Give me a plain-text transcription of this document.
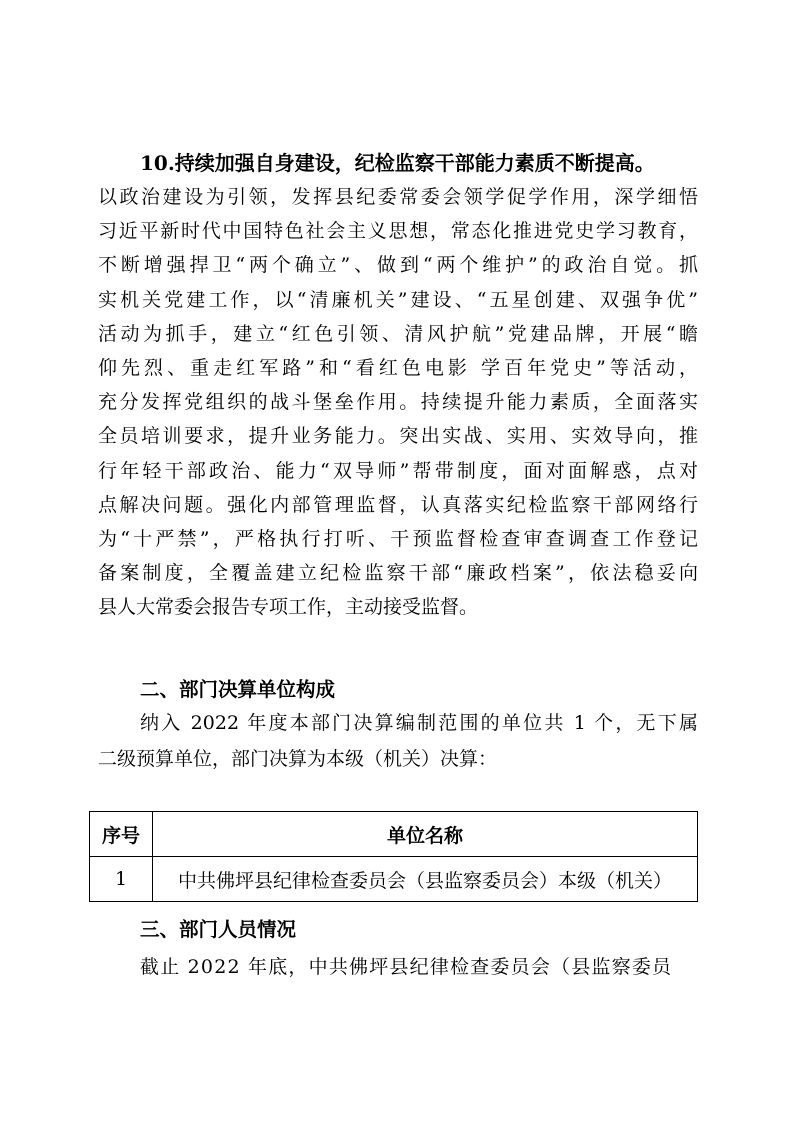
10.持续加强自身建设，纪检监察干部能力素质不断提高。
以政治建设为引领，发挥县纪委常委会领学促学作用，深学细悟
习近平新时代中国特色社会主义思想，常态化推进党史学习教育，
不断增强捍卫“两个确立”、做到“两个维护”的政治自觉。抓
实机关党建工作，以“清廉机关”建设、“五星创建、双强争优”
活动为抓手，建立“红色引领、清风护航”党建品牌，开展“瞻
仰先烈、重走红军路”和“看红色电影 学百年党史”等活动，
充分发挥党组织的战斗堡垒作用。持续提升能力素质，全面落实
全员培训要求，提升业务能力。突出实战、实用、实效导向，推
行年轻干部政治、能力“双导师”帮带制度，面对面解惑，点对
点解决问题。强化内部管理监督，认真落实纪检监察干部网络行
为“十严禁”，严格执行打听、干预监督检查审查调查工作登记
备案制度，全覆盖建立纪检监察干部“廉政档案”，依法稳妥向
县人大常委会报告专项工作，主动接受监督。
二、部门决算单位构成
纳入 2022 年度本部门决算编制范围的单位共 1 个，无下属
二级预算单位，部门决算为本级（机关）决算：
序号	单位名称
1	中共佛坪县纪律检查委员会（县监察委员会）本级（机关）
三、部门人员情况
截止 2022 年底，中共佛坪县纪律检查委员会（县监察委员
